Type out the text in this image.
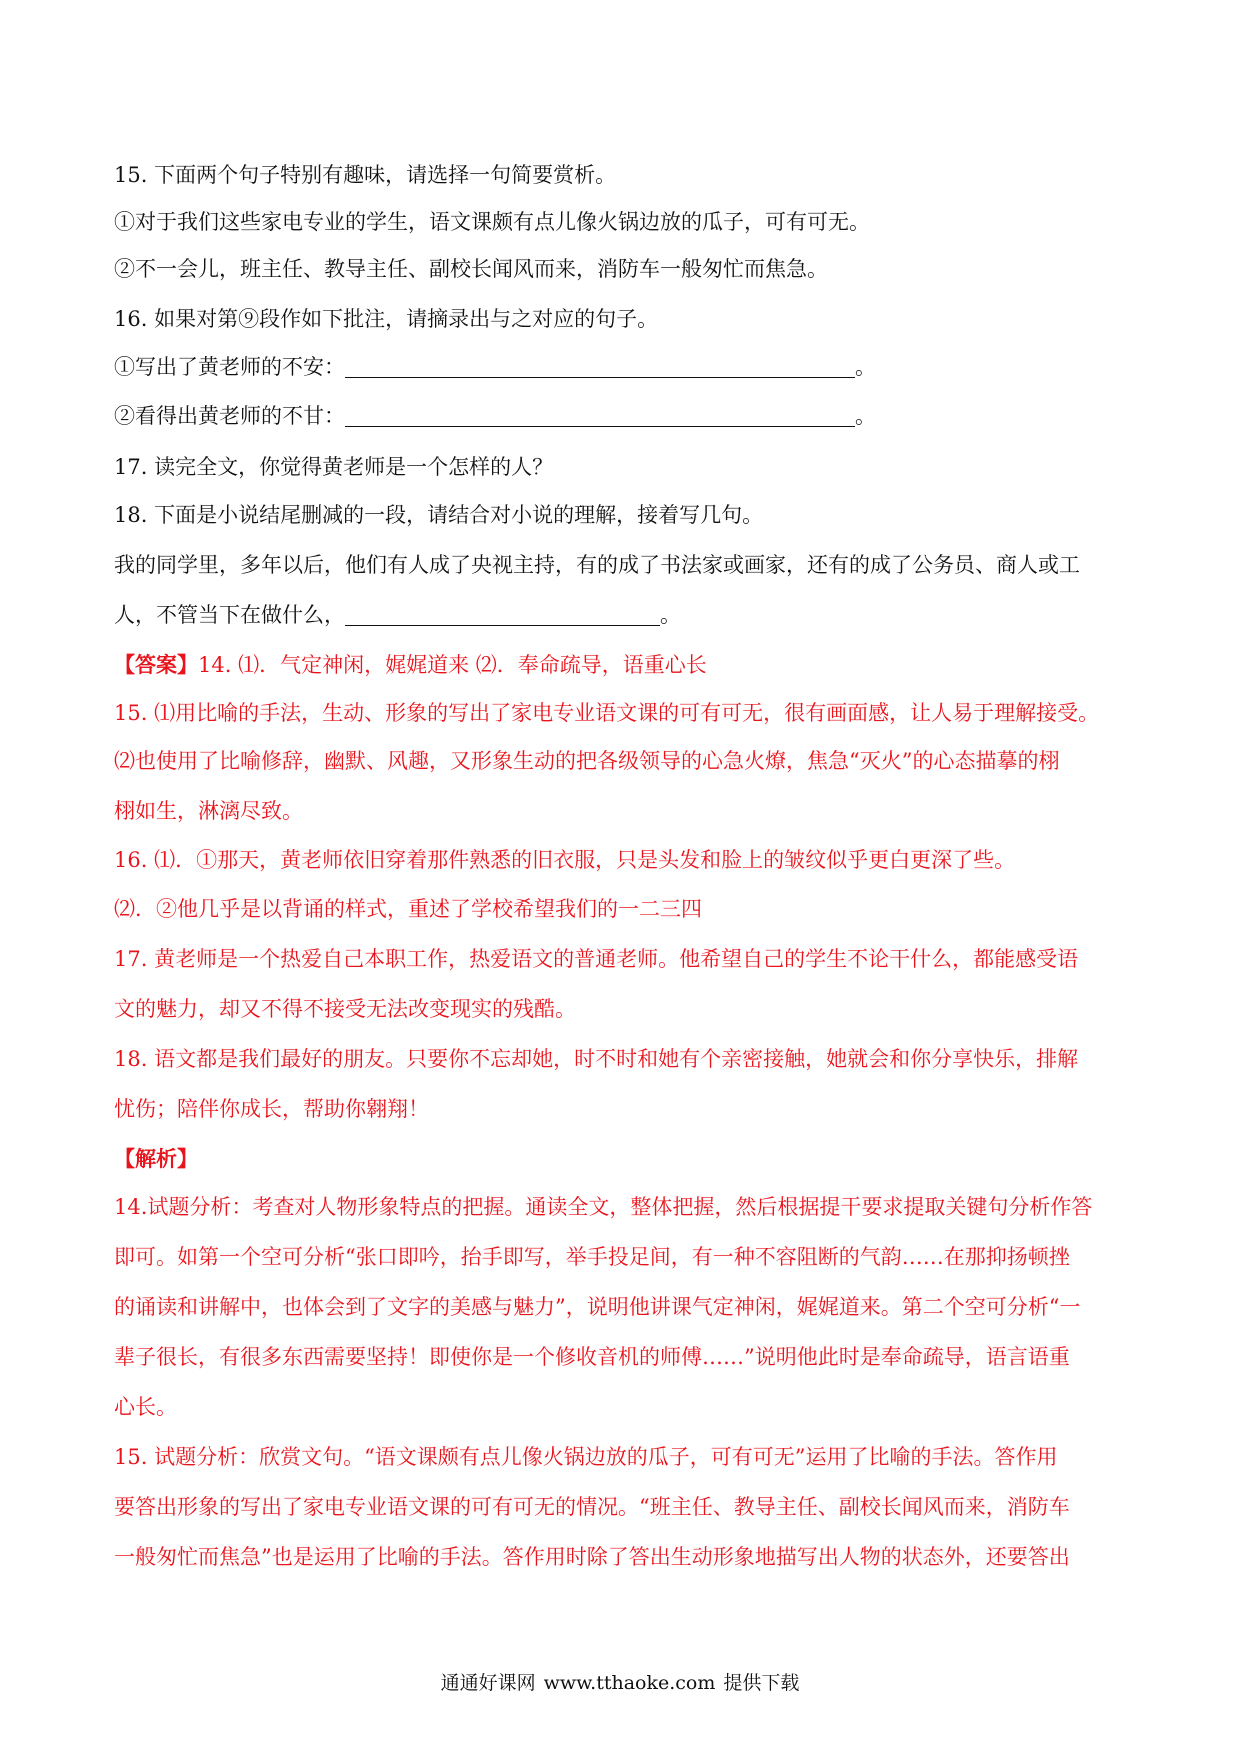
15. 下面两个句子特别有趣味，请选择一句简要赏析。
①对于我们这些家电专业的学生，语文课颇有点儿像火锅边放的瓜子，可有可无。
②不一会儿，班主任、教导主任、副校长闻风而来，消防车一般匆忙而焦急。
16. 如果对第⑨段作如下批注，请摘录出与之对应的句子。
①写出了黄老师的不安：	。
②看得出黄老师的不甘：	。
17. 读完全文，你觉得黄老师是一个怎样的人？
18. 下面是小说结尾删减的一段，请结合对小说的理解，接着写几句。
我的同学里，多年以后，他们有人成了央视主持，有的成了书法家或画家，还有的成了公务员、商人或工
人，不管当下在做什么，	。
【答案】14. ⑴．气定神闲，娓娓道来 ⑵．奉命疏导，语重心长
15. ⑴用比喻的手法，生动、形象的写出了家电专业语文课的可有可无，很有画面感，让人易于理解接受。
⑵也使用了比喻修辞，幽默、风趣，又形象生动的把各级领导的心急火燎，焦急“灭火”的心态描摹的栩
栩如生，淋漓尽致。
16. ⑴．①那天，黄老师依旧穿着那件熟悉的旧衣服，只是头发和脸上的皱纹似乎更白更深了些。
⑵．②他几乎是以背诵的样式，重述了学校希望我们的一二三四
17. 黄老师是一个热爱自己本职工作，热爱语文的普通老师。他希望自己的学生不论干什么，都能感受语
文的魅力，却又不得不接受无法改变现实的残酷。
18. 语文都是我们最好的朋友。只要你不忘却她，时不时和她有个亲密接触，她就会和你分享快乐，排解
忧伤；陪伴你成长，帮助你翱翔！
【解析】
14.试题分析：考查对人物形象特点的把握。通读全文，整体把握，然后根据提干要求提取关键句分析作答
即可。如第一个空可分析“张口即吟，抬手即写，举手投足间，有一种不容阻断的气韵……在那抑扬顿挫
的诵读和讲解中，也体会到了文字的美感与魅力”，说明他讲课气定神闲，娓娓道来。第二个空可分析“一
辈子很长，有很多东西需要坚持！即使你是一个修收音机的师傅……”说明他此时是奉命疏导，语言语重
心长。
15. 试题分析：欣赏文句。“语文课颇有点儿像火锅边放的瓜子，可有可无”运用了比喻的手法。答作用
要答出形象的写出了家电专业语文课的可有可无的情况。“班主任、教导主任、副校长闻风而来，消防车
一般匆忙而焦急”也是运用了比喻的手法。答作用时除了答出生动形象地描写出人物的状态外，还要答出
通通好课网 www.tthaoke.com 提供下载
